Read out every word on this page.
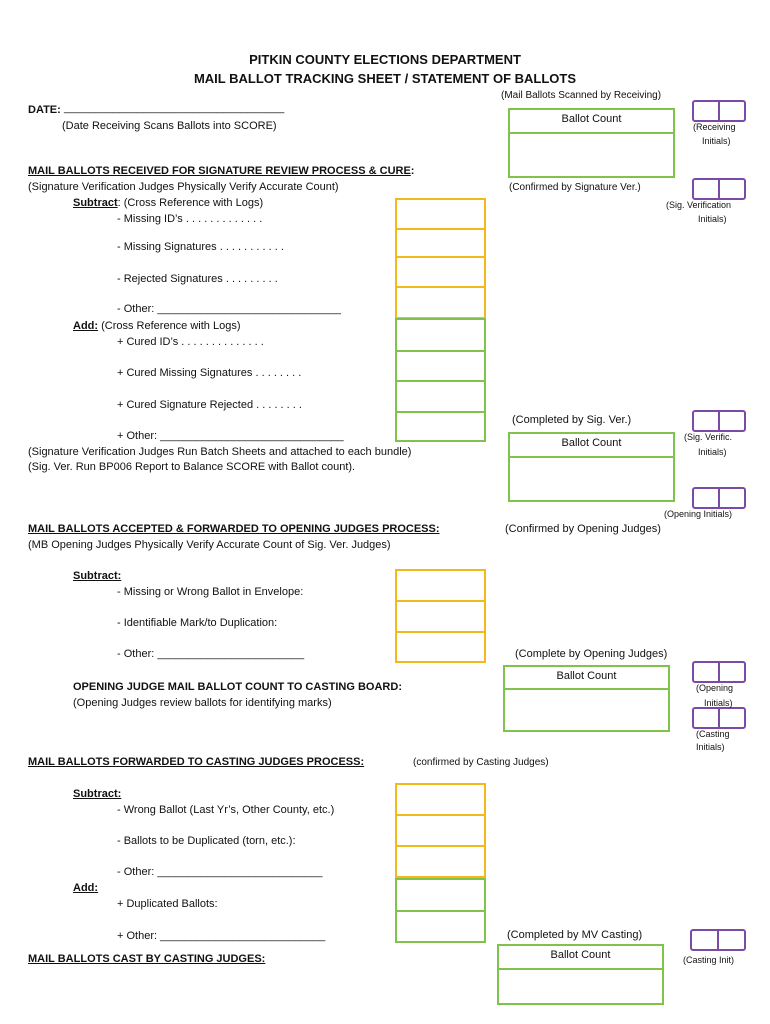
PITKIN COUNTY ELECTIONS DEPARTMENT
MAIL BALLOT TRACKING SHEET / STATEMENT OF BALLOTS
DATE: ____________________________________
(Date Receiving Scans Ballots into SCORE)
(Mail Ballots Scanned by Receiving)
Ballot Count
(Receiving
Initials)
MAIL BALLOTS RECEIVED FOR SIGNATURE REVIEW PROCESS & CURE:
(Signature Verification Judges Physically Verify Accurate Count)	(Confirmed by Signature Ver.)
(Sig. Verification
Initials)
Subtract: (Cross Reference with Logs)
- Missing ID’s . . . . . . . . . . . . .
- Missing Signatures . . . . . . . . . . .
- Rejected Signatures . . . . . . . . .
- Other: ______________________________
Add: (Cross Reference with Logs)
+ Cured ID’s . . . . . . . . . . . . . .
+ Cured Missing Signatures . . . . . . . .
+ Cured Signature Rejected . . . . . . . .
+ Other: ______________________________
(Signature Verification Judges Run Batch Sheets and attached to each bundle)
(Sig. Ver. Run BP006 Report to Balance SCORE with Ballot count).
(Completed by Sig. Ver.)
Ballot Count	(Sig. Verific.
Initials)
(Opening Initials)
MAIL BALLOTS ACCEPTED & FORWARDED TO OPENING JUDGES PROCESS:	(Confirmed by Opening Judges)
(MB Opening Judges Physically Verify Accurate Count of Sig. Ver. Judges)
Subtract:
- Missing or Wrong Ballot in Envelope:
- Identifiable Mark/to Duplication:
- Other: ________________________	(Complete by Opening Judges)
OPENING JUDGE MAIL BALLOT COUNT TO CASTING BOARD:
(Opening Judges review ballots for identifying marks)
Ballot Count
(Opening
Initials)
(Casting
Initials)
MAIL BALLOTS FORWARDED TO CASTING JUDGES PROCESS:	(confirmed by Casting Judges)
Subtract:
- Wrong Ballot (Last Yr’s, Other County, etc.)
- Ballots to be Duplicated (torn, etc.):
- Other: ___________________________
Add:
+ Duplicated Ballots:
+ Other: ___________________________	(Completed by MV Casting)
MAIL BALLOTS CAST BY CASTING JUDGES:	Ballot Count	(Casting Init)
